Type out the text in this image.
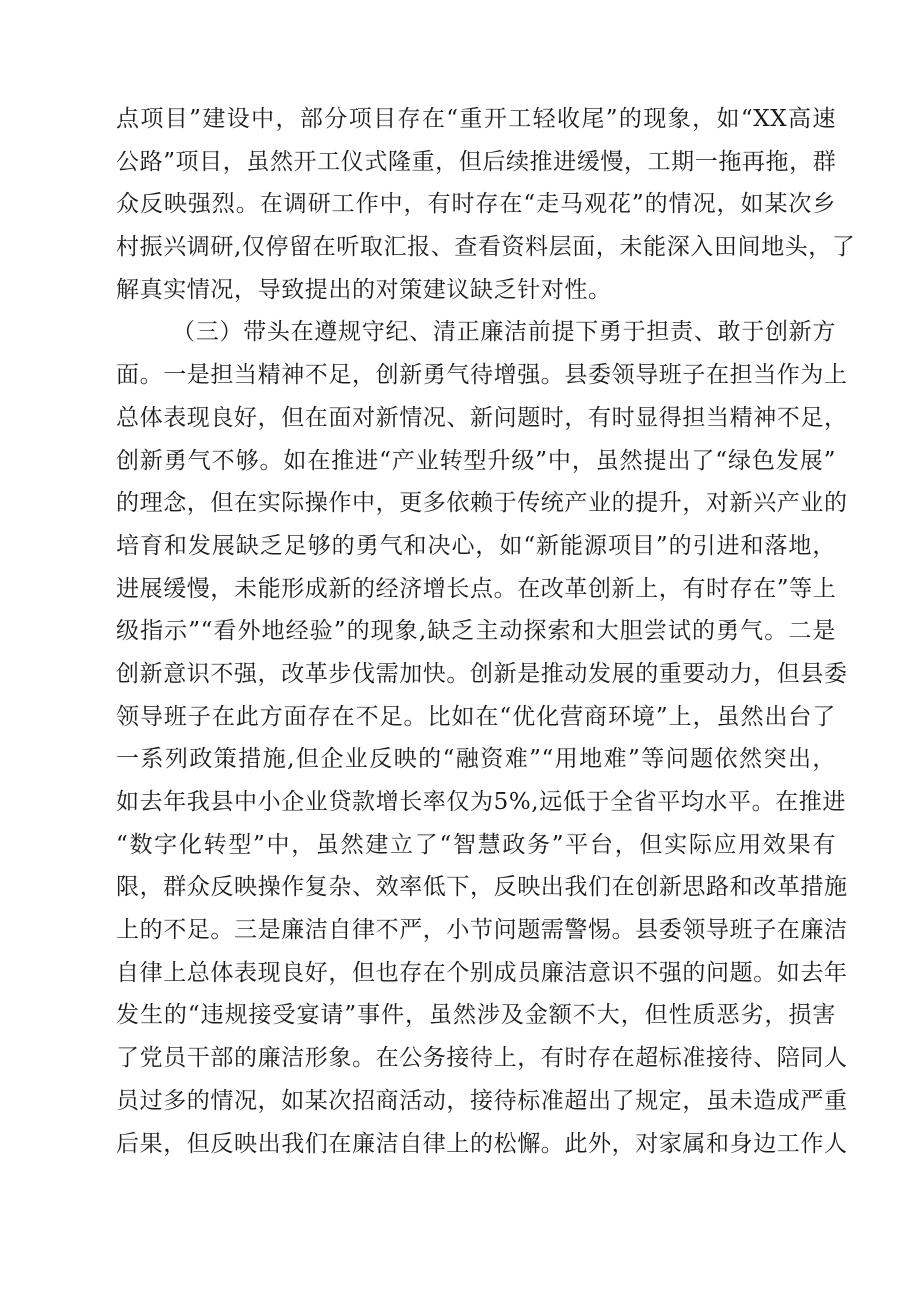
点项目”建设中，部分项目存在“重开工轻收尾”的现象，如“XX高速
公路”项目，虽然开工仪式隆重，但后续推进缓慢，工期一拖再拖，群
众反映强烈。在调研工作中，有时存在“走马观花”的情况，如某次乡
村振兴调研,仅停留在听取汇报、查看资料层面，未能深入田间地头，了
解真实情况，导致提出的对策建议缺乏针对性。
（三）带头在遵规守纪、清正廉洁前提下勇于担责、敢于创新方
面。一是担当精神不足，创新勇气待增强。县委领导班子在担当作为上
总体表现良好，但在面对新情况、新问题时，有时显得担当精神不足，
创新勇气不够。如在推进“产业转型升级”中，虽然提出了“绿色发展”
的理念，但在实际操作中，更多依赖于传统产业的提升，对新兴产业的
培育和发展缺乏足够的勇气和决心，如“新能源项目”的引进和落地，
进展缓慢，未能形成新的经济增长点。在改革创新上，有时存在”等上
级指示”“看外地经验”的现象,缺乏主动探索和大胆尝试的勇气。二是
创新意识不强，改革步伐需加快。创新是推动发展的重要动力，但县委
领导班子在此方面存在不足。比如在“优化营商环境”上，虽然出台了
一系列政策措施,但企业反映的“融资难”“用地难”等问题依然突出，
如去年我县中小企业贷款增长率仅为5%,远低于全省平均水平。在推进
“数字化转型”中，虽然建立了“智慧政务”平台，但实际应用效果有
限，群众反映操作复杂、效率低下，反映出我们在创新思路和改革措施
上的不足。三是廉洁自律不严，小节问题需警惕。县委领导班子在廉洁
自律上总体表现良好，但也存在个别成员廉洁意识不强的问题。如去年
发生的“违规接受宴请”事件，虽然涉及金额不大，但性质恶劣，损害
了党员干部的廉洁形象。在公务接待上，有时存在超标准接待、陪同人
员过多的情况，如某次招商活动，接待标准超出了规定，虽未造成严重
后果，但反映出我们在廉洁自律上的松懈。此外，对家属和身边工作人
